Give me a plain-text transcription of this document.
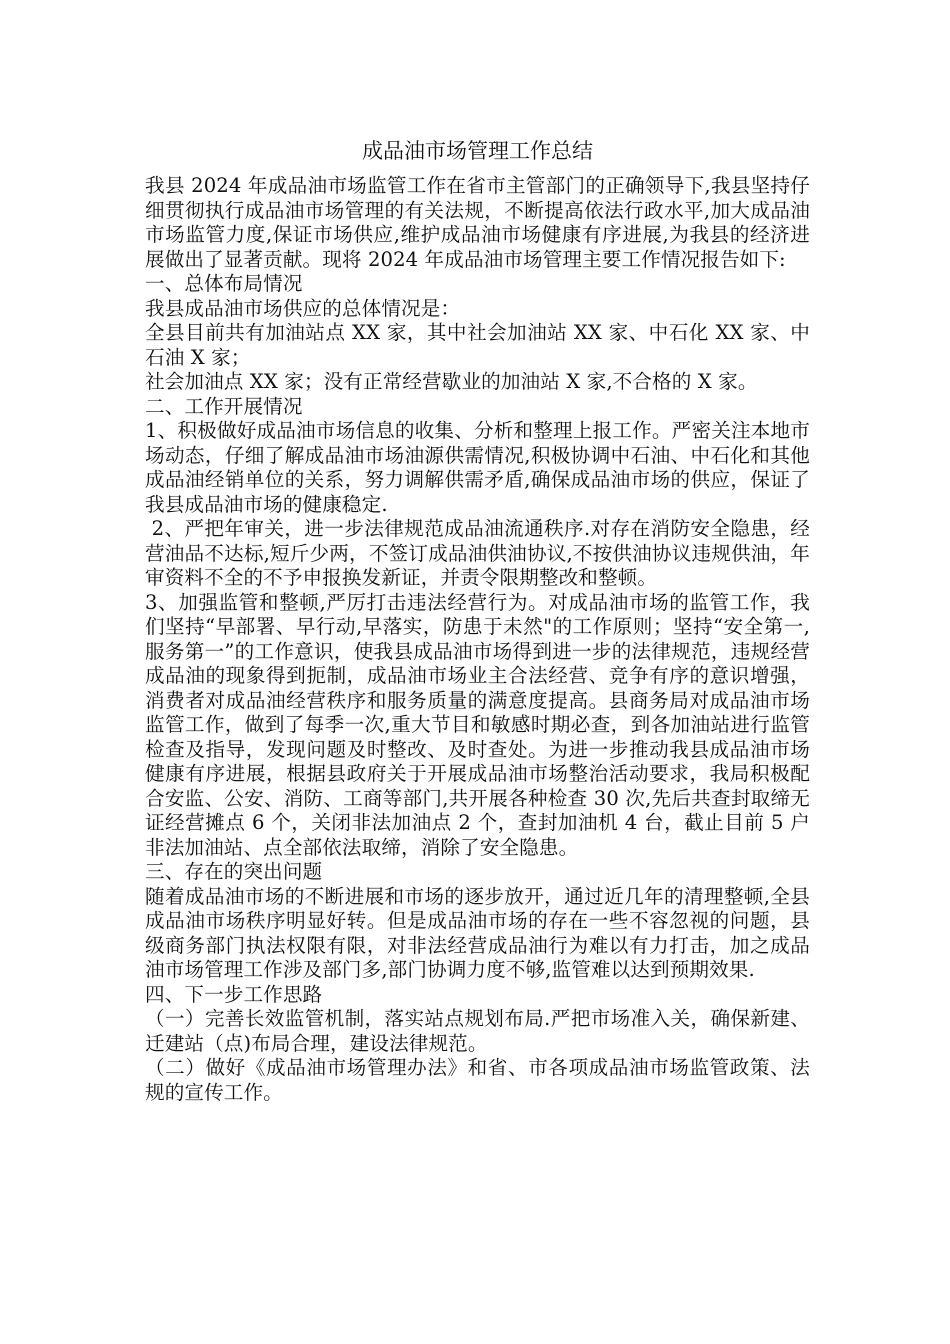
成品油市场管理工作总结

我县 2024 年成品油市场监管工作在省市主管部门的正确领导下,我县坚持仔细贯彻执行成品油市场管理的有关法规，不断提高依法行政水平,加大成品油市场监管力度,保证市场供应,维护成品油市场健康有序进展,为我县的经济进展做出了显著贡献。现将 2024 年成品油市场管理主要工作情况报告如下:

一、总体布局情况

我县成品油市场供应的总体情况是：

全县目前共有加油站点 XX 家，其中社会加油站 XX 家、中石化 XX 家、中石油 X 家；

社会加油点 XX 家；没有正常经营歇业的加油站 X 家,不合格的 X 家。

二、工作开展情况

1、积极做好成品油市场信息的收集、分析和整理上报工作。严密关注本地市场动态，仔细了解成品油市场油源供需情况,积极协调中石油、中石化和其他成品油经销单位的关系，努力调解供需矛盾,确保成品油市场的供应，保证了我县成品油市场的健康稳定.

2、严把年审关，进一步法律规范成品油流通秩序.对存在消防安全隐患，经营油品不达标,短斤少两，不签订成品油供油协议,不按供油协议违规供油，年审资料不全的不予申报换发新证，并责令限期整改和整顿。

3、加强监管和整顿,严厉打击违法经营行为。对成品油市场的监管工作，我们坚持“早部署、早行动,早落实，防患于未然"的工作原则；坚持“安全第一,服务第一”的工作意识，使我县成品油市场得到进一步的法律规范，违规经营成品油的现象得到扼制，成品油市场业主合法经营、竞争有序的意识增强，消费者对成品油经营秩序和服务质量的满意度提高。县商务局对成品油市场监管工作，做到了每季一次,重大节目和敏感时期必查，到各加油站进行监管检查及指导，发现问题及时整改、及时查处。为进一步推动我县成品油市场健康有序进展，根据县政府关于开展成品油市场整治活动要求，我局积极配合安监、公安、消防、工商等部门,共开展各种检查 30 次,先后共查封取缔无证经营摊点 6 个，关闭非法加油点 2 个，查封加油机 4 台，截止目前 5 户非法加油站、点全部依法取缔，消除了安全隐患。

三、存在的突出问题

随着成品油市场的不断进展和市场的逐步放开，通过近几年的清理整顿,全县成品油市场秩序明显好转。但是成品油市场的存在一些不容忽视的问题，县级商务部门执法权限有限，对非法经营成品油行为难以有力打击，加之成品油市场管理工作涉及部门多,部门协调力度不够,监管难以达到预期效果.

四、下一步工作思路

（一）完善长效监管机制，落实站点规划布局.严把市场准入关，确保新建、迁建站（点)布局合理，建设法律规范。

（二）做好《成品油市场管理办法》和省、市各项成品油市场监管政策、法规的宣传工作。
